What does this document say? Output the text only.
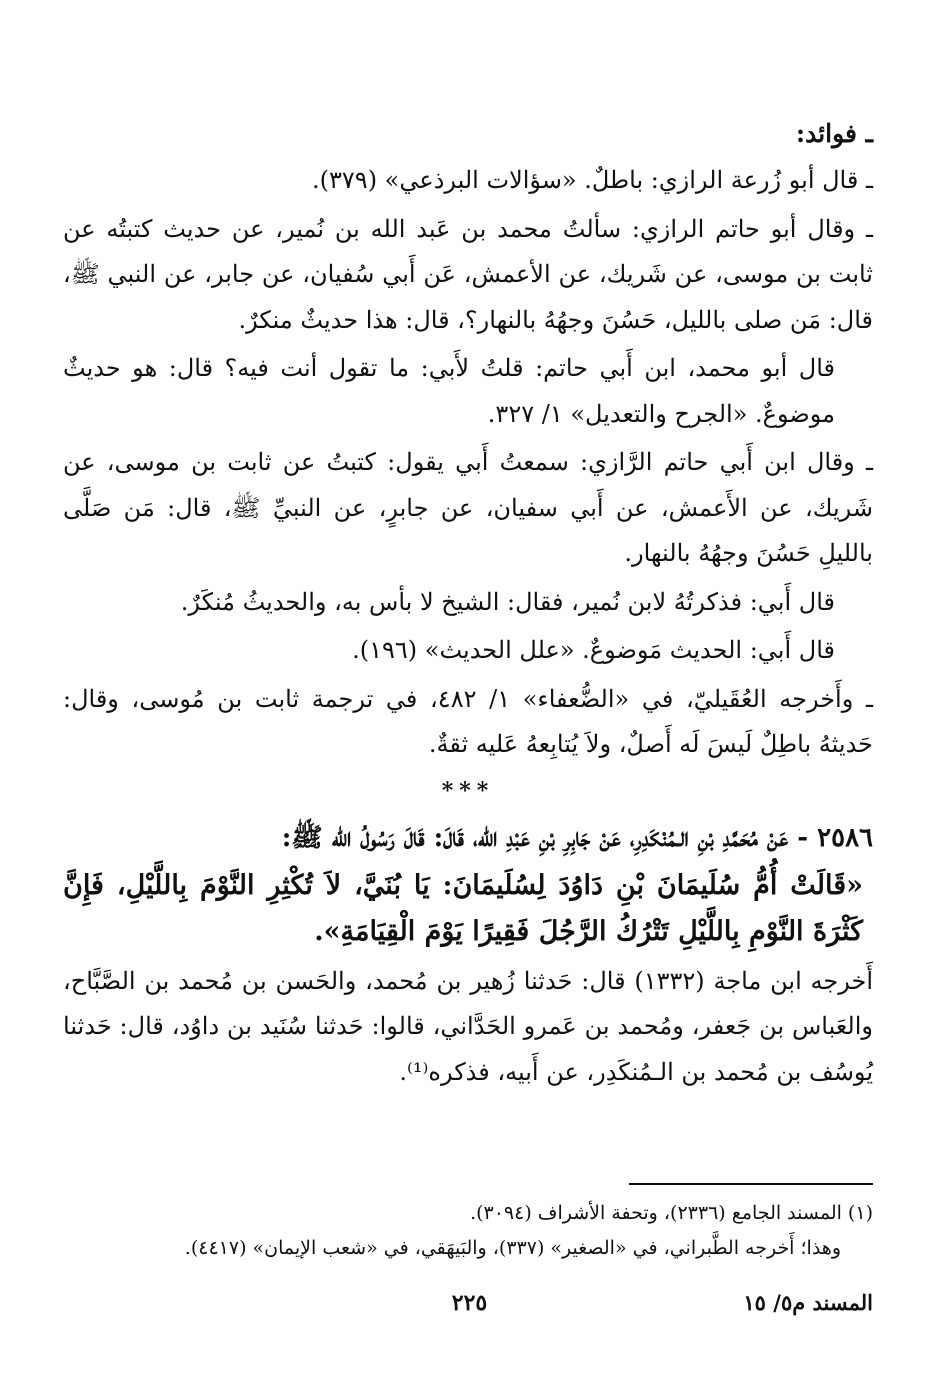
ـ فوائد:
ـ قال أبو زُرعة الرازي: باطلٌ. «سؤالات البرذعي» (٣٧٩).
ـ وقال أبو حاتم الرازي: سألتُ محمد بن عَبد الله بن نُمير، عن حديث كتبتُه عن ثابت بن موسى، عن شَريك، عن الأعمش، عَن أَبي سُفيان، عن جابر، عن النبي ﷺ، قال: مَن صلى بالليل، حَسُنَ وجهُهُ بالنهار؟، قال: هذا حديثٌ منكرٌ.
قال أبو محمد، ابن أَبي حاتم: قلتُ لأَبي: ما تقول أنت فيه؟ قال: هو حديثٌ موضوعٌ. «الجرح والتعديل» ١/ ٣٢٧.
ـ وقال ابن أَبي حاتم الرَّازي: سمعتُ أَبي يقول: كتبتُ عن ثابت بن موسى، عن شَريك، عن الأَعمش، عن أَبي سفيان، عن جابرٍ، عن النبيِّ ﷺ، قال: مَن صَلَّى بالليلِ حَسُنَ وجهُهُ بالنهار.
قال أَبي: فذكرتُهُ لابن نُمير، فقال: الشيخ لا بأس به، والحديثُ مُنكَرٌ.
قال أَبي: الحديث مَوضوعٌ. «علل الحديث» (١٩٦).
ـ وأَخرجه العُقَيليّ، في «الضُّعفاء» ١/ ٤٨٢، في ترجمة ثابت بن مُوسى، وقال: حَديثهُ باطِلٌ لَيسَ لَه أَصلٌ، ولاَ يُتابِعهُ عَليه ثقةٌ.
***
٢٥٨٦ - عَنْ مُحَمَّدِ بْنِ الـمُنْكَدِرِ، عَنْ جَابِرِ بْنِ عَبْدِ الله، قَالَ: قَالَ رَسُولُ الله ﷺ:
«قَالَتْ أُمُّ سُلَيمَانَ بْنِ دَاوُدَ لِسُلَيمَانَ: يَا بُنَيَّ، لاَ تُكْثِرِ النَّوْمَ بِاللَّيْلِ، فَإِنَّ كَثْرَةَ النَّوْمِ بِاللَّيْلِ تَتْرُكُ الرَّجُلَ فَقِيرًا يَوْمَ الْقِيَامَةِ».
أَخرجه ابن ماجة (١٣٣٢) قال: حَدثنا زُهير بن مُحمد، والحَسن بن مُحمد بن الصَّبَّاح، والعَباس بن جَعفر، ومُحمد بن عَمرو الحَدَّاني، قالوا: حَدثنا سُنَيد بن داوُد، قال: حَدثنا يُوسُف بن مُحمد بن الـمُنكَدِر، عن أَبيه، فذكره⁽¹⁾.

(١) المسند الجامع (٢٣٣٦)، وتحفة الأشراف (٣٠٩٤).

وهذا؛ أَخرجه الطَّبراني، في «الصغير» (٣٣٧)، والبَيهَقي، في «شعب الإيمان» (٤٤١٧).

المسند م٥/ ١٥
٢٢٥
